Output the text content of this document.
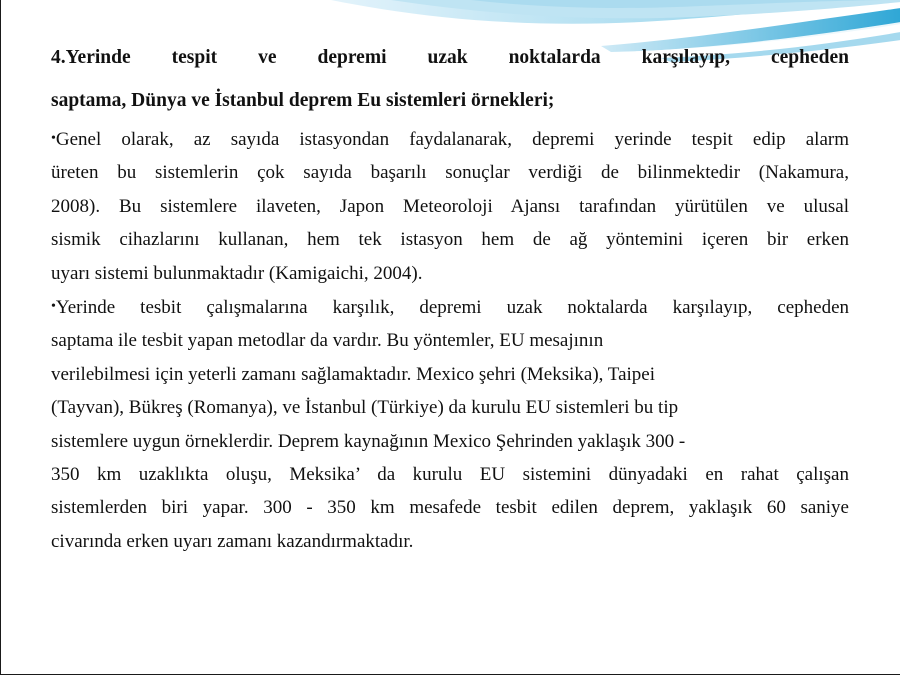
4.Yerinde tespit ve depremi uzak noktalarda karşılayıp, cepheden
saptama, Dünya ve İstanbul deprem Eu sistemleri örnekleri;

•Genel olarak, az sayıda istasyondan faydalanarak, depremi yerinde tespit edip alarm
üreten bu sistemlerin çok sayıda başarılı sonuçlar verdiği de bilinmektedir (Nakamura,
2008). Bu sistemlere ilaveten, Japon Meteoroloji Ajansı tarafından yürütülen ve ulusal
sismik cihazlarını kullanan, hem tek istasyon hem de ağ yöntemini içeren bir erken
uyarı sistemi bulunmaktadır (Kamigaichi, 2004).

•Yerinde tesbit çalışmalarına karşılık, depremi uzak noktalarda karşılayıp, cepheden
saptama ile tesbit yapan metodlar da vardır. Bu yöntemler, EU mesajının
verilebilmesi için yeterli zamanı sağlamaktadır. Mexico şehri (Meksika), Taipei
(Tayvan), Bükreş (Romanya), ve İstanbul (Türkiye) da kurulu EU sistemleri bu tip
sistemlere uygun örneklerdir. Deprem kaynağının Mexico Şehrinden yaklaşık 300 -
350 km uzaklıkta oluşu, Meksika’ da kurulu EU sistemini dünyadaki en rahat çalışan
sistemlerden biri yapar. 300 - 350 km mesafede tesbit edilen deprem, yaklaşık 60 saniye
civarında erken uyarı zamanı kazandırmaktadır.
